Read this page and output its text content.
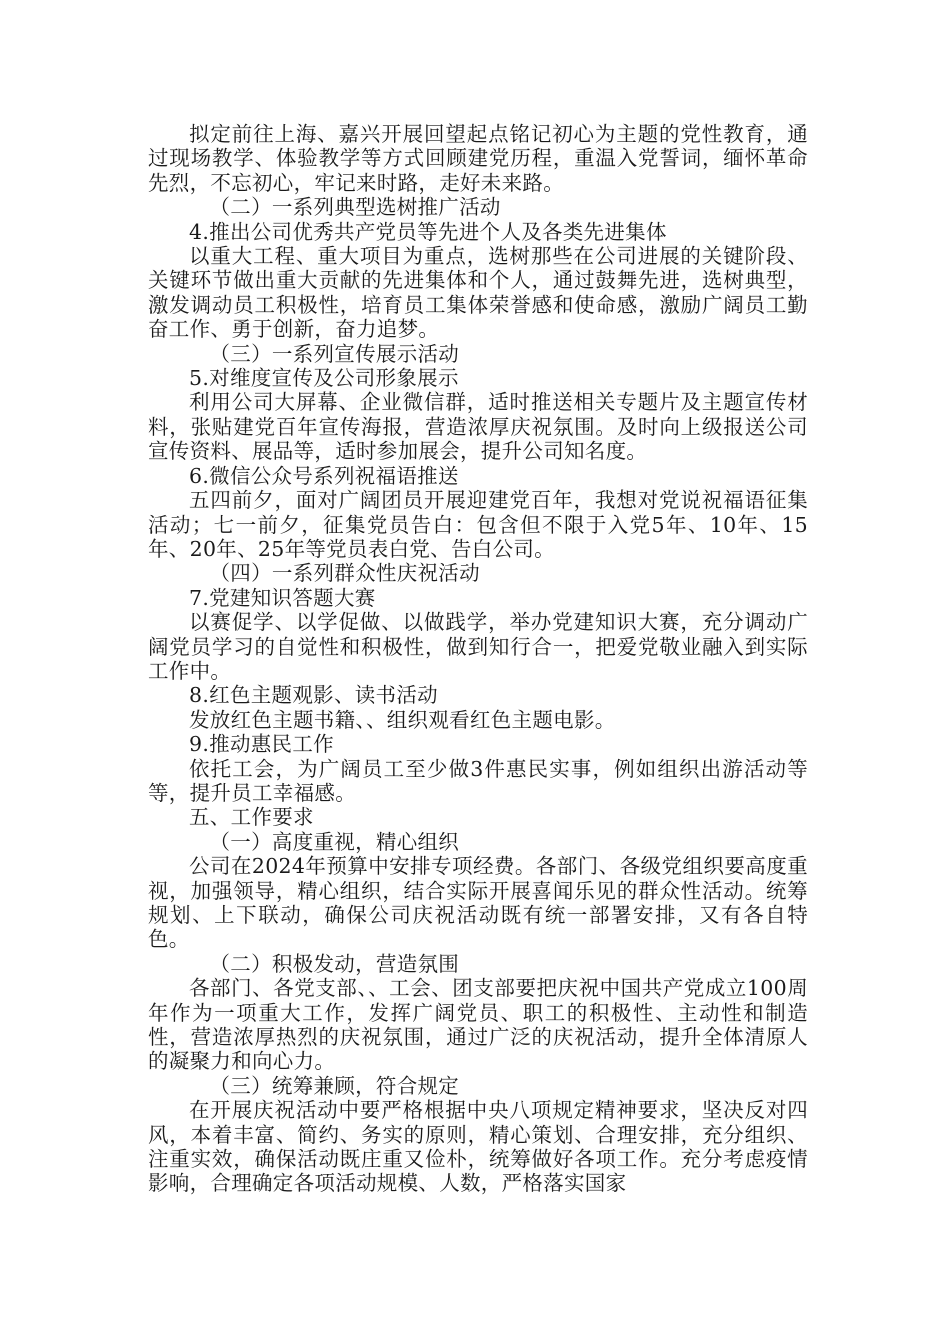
拟定前往上海、嘉兴开展回望起点铭记初心为主题的党性教育，通过现场教学、体验教学等方式回顾建党历程，重温入党誓词，缅怀革命先烈，不忘初心，牢记来时路，走好未来路。

（二）一系列典型选树推广活动

4.推出公司优秀共产党员等先进个人及各类先进集体

以重大工程、重大项目为重点，选树那些在公司进展的关键阶段、关键环节做出重大贡献的先进集体和个人，通过鼓舞先进，选树典型，激发调动员工积极性，培育员工集体荣誉感和使命感，激励广阔员工勤奋工作、勇于创新，奋力追梦。

（三）一系列宣传展示活动

5.对维度宣传及公司形象展示

利用公司大屏幕、企业微信群，适时推送相关专题片及主题宣传材料，张贴建党百年宣传海报，营造浓厚庆祝氛围。及时向上级报送公司宣传资料、展品等，适时参加展会，提升公司知名度。

6.微信公众号系列祝福语推送

五四前夕，面对广阔团员开展迎建党百年，我想对党说祝福语征集活动；七一前夕，征集党员告白：包含但不限于入党5年、10年、15年、20年、25年等党员表白党、告白公司。

（四）一系列群众性庆祝活动

7.党建知识答题大赛

以赛促学、以学促做、以做践学，举办党建知识大赛，充分调动广阔党员学习的自觉性和积极性，做到知行合一，把爱党敬业融入到实际工作中。

8.红色主题观影、读书活动

发放红色主题书籍、、组织观看红色主题电影。

9.推动惠民工作

依托工会，为广阔员工至少做3件惠民实事，例如组织出游活动等等，提升员工幸福感。

五、工作要求

（一）高度重视，精心组织

公司在2024年预算中安排专项经费。各部门、各级党组织要高度重视，加强领导，精心组织，结合实际开展喜闻乐见的群众性活动。统筹规划、上下联动，确保公司庆祝活动既有统一部署安排，又有各自特色。

（二）积极发动，营造氛围

各部门、各党支部、、工会、团支部要把庆祝中国共产党成立100周年作为一项重大工作，发挥广阔党员、职工的积极性、主动性和制造性，营造浓厚热烈的庆祝氛围，通过广泛的庆祝活动，提升全体清原人的凝聚力和向心力。

（三）统筹兼顾，符合规定

在开展庆祝活动中要严格根据中央八项规定精神要求，坚决反对四风，本着丰富、简约、务实的原则，精心策划、合理安排，充分组织、注重实效，确保活动既庄重又俭朴，统筹做好各项工作。充分考虑疫情影响，合理确定各项活动规模、人数，严格落实国家
